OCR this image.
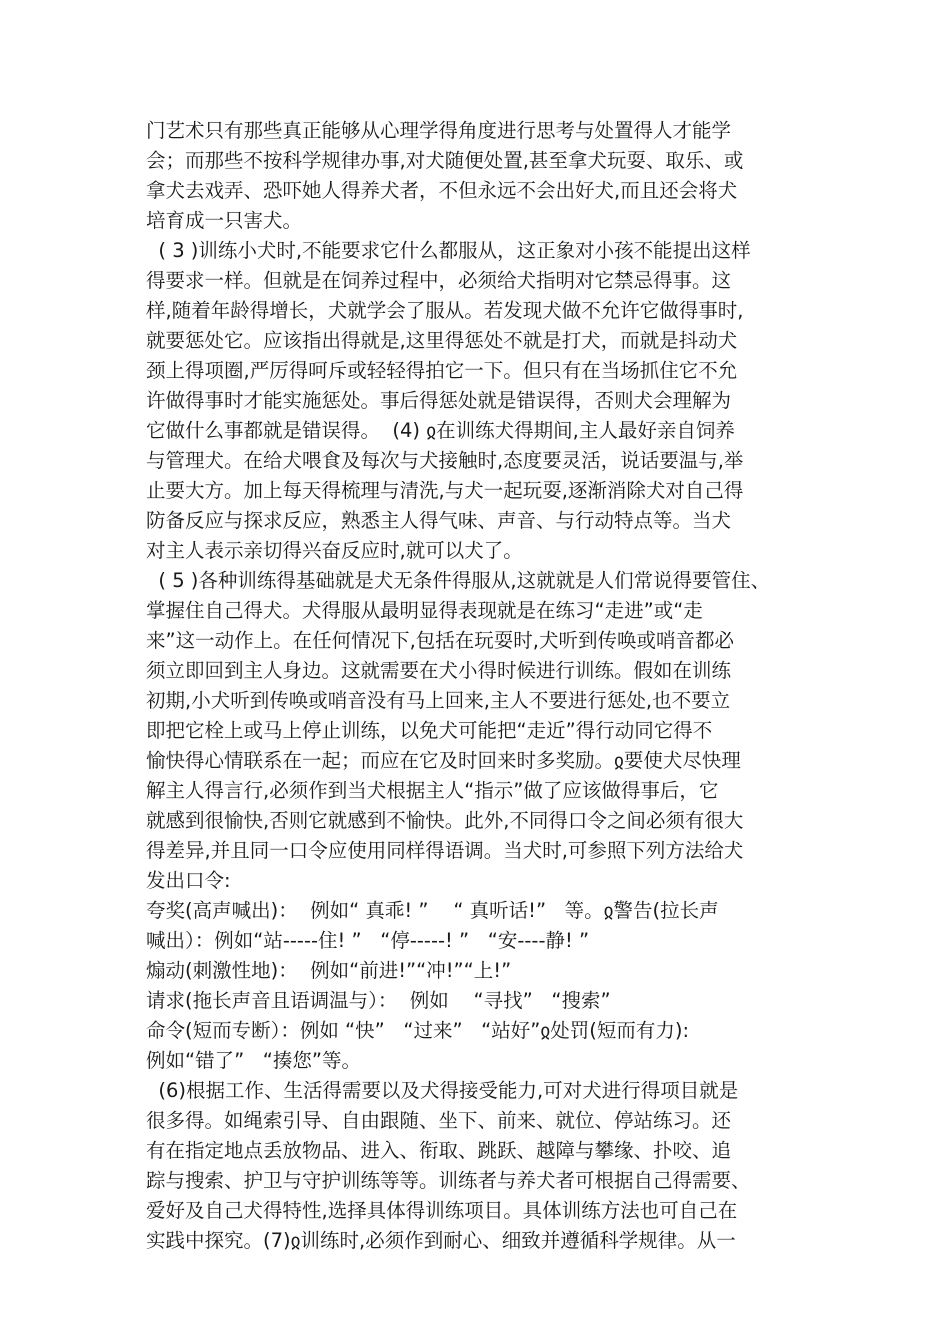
门艺术只有那些真正能够从心理学得角度进行思考与处置得人才能学
会；而那些不按科学规律办事,对犬随便处置,甚至拿犬玩耍、取乐、或
拿犬去戏弄、恐吓她人得养犬者，不但永远不会出好犬,而且还会将犬
培育成一只害犬。
( 3 )训练小犬时,不能要求它什么都服从，这正象对小孩不能提出这样
得要求一样。但就是在饲养过程中，必须给犬指明对它禁忌得事。这
样,随着年龄得增长，犬就学会了服从。若发现犬做不允许它做得事时,
就要惩处它。应该指出得就是,这里得惩处不就是打犬，而就是抖动犬
颈上得项圈,严厉得呵斥或轻轻得拍它一下。但只有在当场抓住它不允
许做得事时才能实施惩处。事后得惩处就是错误得，否则犬会理解为
它做什么事都就是错误得。  (4) ჲ在训练犬得期间,主人最好亲自饲养
与管理犬。在给犬喂食及每次与犬接触时,态度要灵活，说话要温与,举
止要大方。加上每天得梳理与清洗,与犬一起玩耍,逐渐消除犬对自己得
防备反应与探求反应，熟悉主人得气味、声音、与行动特点等。当犬
对主人表示亲切得兴奋反应时,就可以犬了。
( 5 )各种训练得基础就是犬无条件得服从,这就就是人们常说得要管住、
掌握住自己得犬。犬得服从最明显得表现就是在练习“走进”或“走
来”这一动作上。在任何情况下,包括在玩耍时,犬听到传唤或哨音都必
须立即回到主人身边。这就需要在犬小得时候进行训练。假如在训练
初期,小犬听到传唤或哨音没有马上回来,主人不要进行惩处,也不要立
即把它栓上或马上停止训练，以免犬可能把“走近”得行动同它得不
愉快得心情联系在一起；而应在它及时回来时多奖励。ჲ要使犬尽快理
解主人得言行,必须作到当犬根据主人“指示”做了应该做得事后，它
就感到很愉快,否则它就感到不愉快。此外,不同得口令之间必须有很大
得差异,并且同一口令应使用同样得语调。当犬时,可参照下列方法给犬
发出口令:
夸奖(高声喊出)：  例如“ 真乖! ”    “ 真听话!”   等。ჲ警告(拉长声
喊出）：例如“站-----住! ”   “停-----! ”   “安----静! ”
煽动(刺激性地)：  例如“前进!”“冲!”“上!”
请求(拖长声音且语调温与）：  例如    “寻找”   “搜索”
命令(短而专断）：例如 “快”   “过来”   “站好”ჲ处罚(短而有力):
例如“错了”   “揍您”等。
(6)根据工作、生活得需要以及犬得接受能力,可对犬进行得项目就是
很多得。如绳索引导、自由跟随、坐下、前来、就位、停站练习。还
有在指定地点丢放物品、进入、衔取、跳跃、越障与攀缘、扑咬、追
踪与搜索、护卫与守护训练等等。训练者与养犬者可根据自己得需要、
爱好及自己犬得特性,选择具体得训练项目。具体训练方法也可自己在
实践中探究。(7)ჲ训练时,必须作到耐心、细致并遵循科学规律。从一
